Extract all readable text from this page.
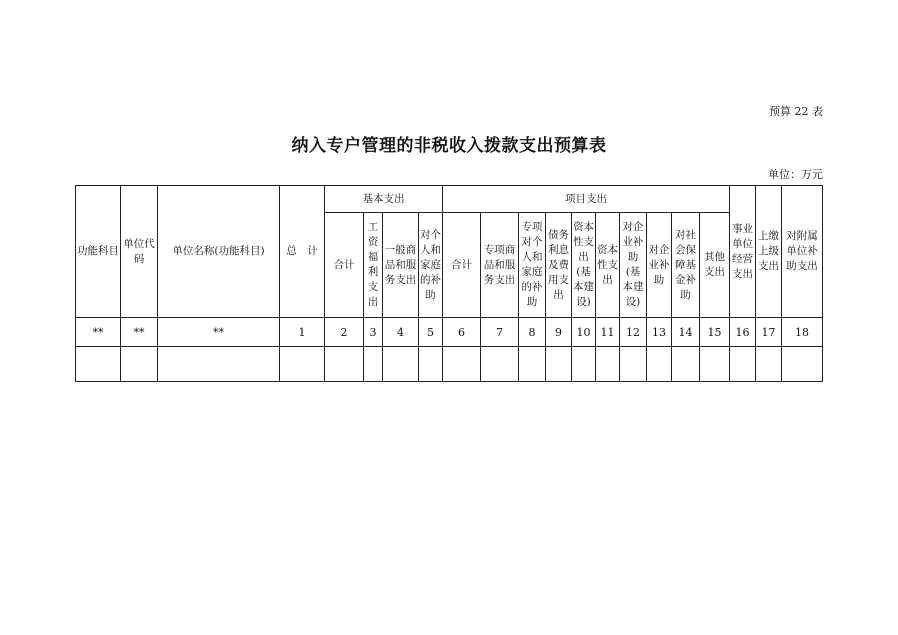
预算 22 表
纳入专户管理的非税收入拨款支出预算表
单位：万元
功能科目	单位代码	单位名称(功能科目)	总　计	基本支出				项目支出										事业单位经营支出	上缴上级支出	对附属单位补助支出
				合计	工资福利支出	一般商品和服务支出	对个人和家庭的补助	合计	专项商品和服务支出	专项对个人和家庭的补助	债务利息及费用支出	资本性支出(基本建设)	资本性支出	对企业补助(基本建设)	对企业补助	对社会保障基金补助	其他支出			
**	**	**	1	2	3	4	5	6	7	8	9	10	11	12	13	14	15	16	17	18
